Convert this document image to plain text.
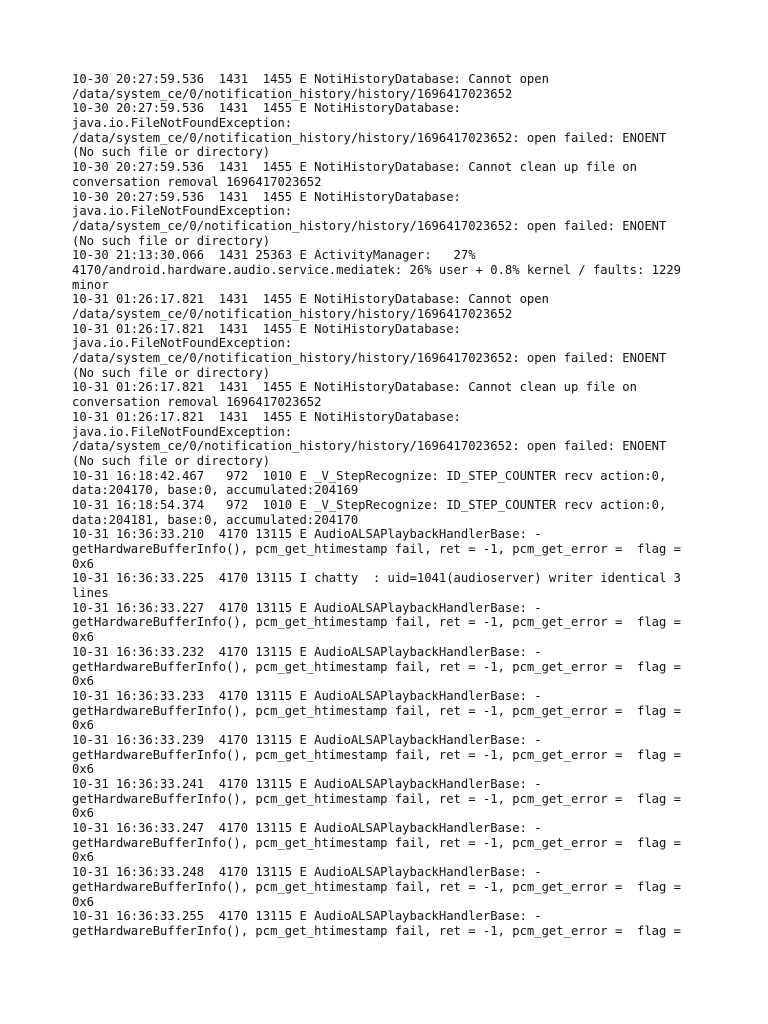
10-30 20:27:59.536  1431  1455 E NotiHistoryDatabase: Cannot open
/data/system_ce/0/notification_history/history/1696417023652
10-30 20:27:59.536  1431  1455 E NotiHistoryDatabase:
java.io.FileNotFoundException:
/data/system_ce/0/notification_history/history/1696417023652: open failed: ENOENT
(No such file or directory)
10-30 20:27:59.536  1431  1455 E NotiHistoryDatabase: Cannot clean up file on
conversation removal 1696417023652
10-30 20:27:59.536  1431  1455 E NotiHistoryDatabase:
java.io.FileNotFoundException:
/data/system_ce/0/notification_history/history/1696417023652: open failed: ENOENT
(No such file or directory)
10-30 21:13:30.066  1431 25363 E ActivityManager:   27%
4170/android.hardware.audio.service.mediatek: 26% user + 0.8% kernel / faults: 1229
minor
10-31 01:26:17.821  1431  1455 E NotiHistoryDatabase: Cannot open
/data/system_ce/0/notification_history/history/1696417023652
10-31 01:26:17.821  1431  1455 E NotiHistoryDatabase:
java.io.FileNotFoundException:
/data/system_ce/0/notification_history/history/1696417023652: open failed: ENOENT
(No such file or directory)
10-31 01:26:17.821  1431  1455 E NotiHistoryDatabase: Cannot clean up file on
conversation removal 1696417023652
10-31 01:26:17.821  1431  1455 E NotiHistoryDatabase:
java.io.FileNotFoundException:
/data/system_ce/0/notification_history/history/1696417023652: open failed: ENOENT
(No such file or directory)
10-31 16:18:42.467   972  1010 E _V_StepRecognize: ID_STEP_COUNTER recv action:0,
data:204170, base:0, accumulated:204169
10-31 16:18:54.374   972  1010 E _V_StepRecognize: ID_STEP_COUNTER recv action:0,
data:204181, base:0, accumulated:204170
10-31 16:36:33.210  4170 13115 E AudioALSAPlaybackHandlerBase: -
getHardwareBufferInfo(), pcm_get_htimestamp fail, ret = -1, pcm_get_error =  flag =
0x6
10-31 16:36:33.225  4170 13115 I chatty  : uid=1041(audioserver) writer identical 3
lines
10-31 16:36:33.227  4170 13115 E AudioALSAPlaybackHandlerBase: -
getHardwareBufferInfo(), pcm_get_htimestamp fail, ret = -1, pcm_get_error =  flag =
0x6
10-31 16:36:33.232  4170 13115 E AudioALSAPlaybackHandlerBase: -
getHardwareBufferInfo(), pcm_get_htimestamp fail, ret = -1, pcm_get_error =  flag =
0x6
10-31 16:36:33.233  4170 13115 E AudioALSAPlaybackHandlerBase: -
getHardwareBufferInfo(), pcm_get_htimestamp fail, ret = -1, pcm_get_error =  flag =
0x6
10-31 16:36:33.239  4170 13115 E AudioALSAPlaybackHandlerBase: -
getHardwareBufferInfo(), pcm_get_htimestamp fail, ret = -1, pcm_get_error =  flag =
0x6
10-31 16:36:33.241  4170 13115 E AudioALSAPlaybackHandlerBase: -
getHardwareBufferInfo(), pcm_get_htimestamp fail, ret = -1, pcm_get_error =  flag =
0x6
10-31 16:36:33.247  4170 13115 E AudioALSAPlaybackHandlerBase: -
getHardwareBufferInfo(), pcm_get_htimestamp fail, ret = -1, pcm_get_error =  flag =
0x6
10-31 16:36:33.248  4170 13115 E AudioALSAPlaybackHandlerBase: -
getHardwareBufferInfo(), pcm_get_htimestamp fail, ret = -1, pcm_get_error =  flag =
0x6
10-31 16:36:33.255  4170 13115 E AudioALSAPlaybackHandlerBase: -
getHardwareBufferInfo(), pcm_get_htimestamp fail, ret = -1, pcm_get_error =  flag =
